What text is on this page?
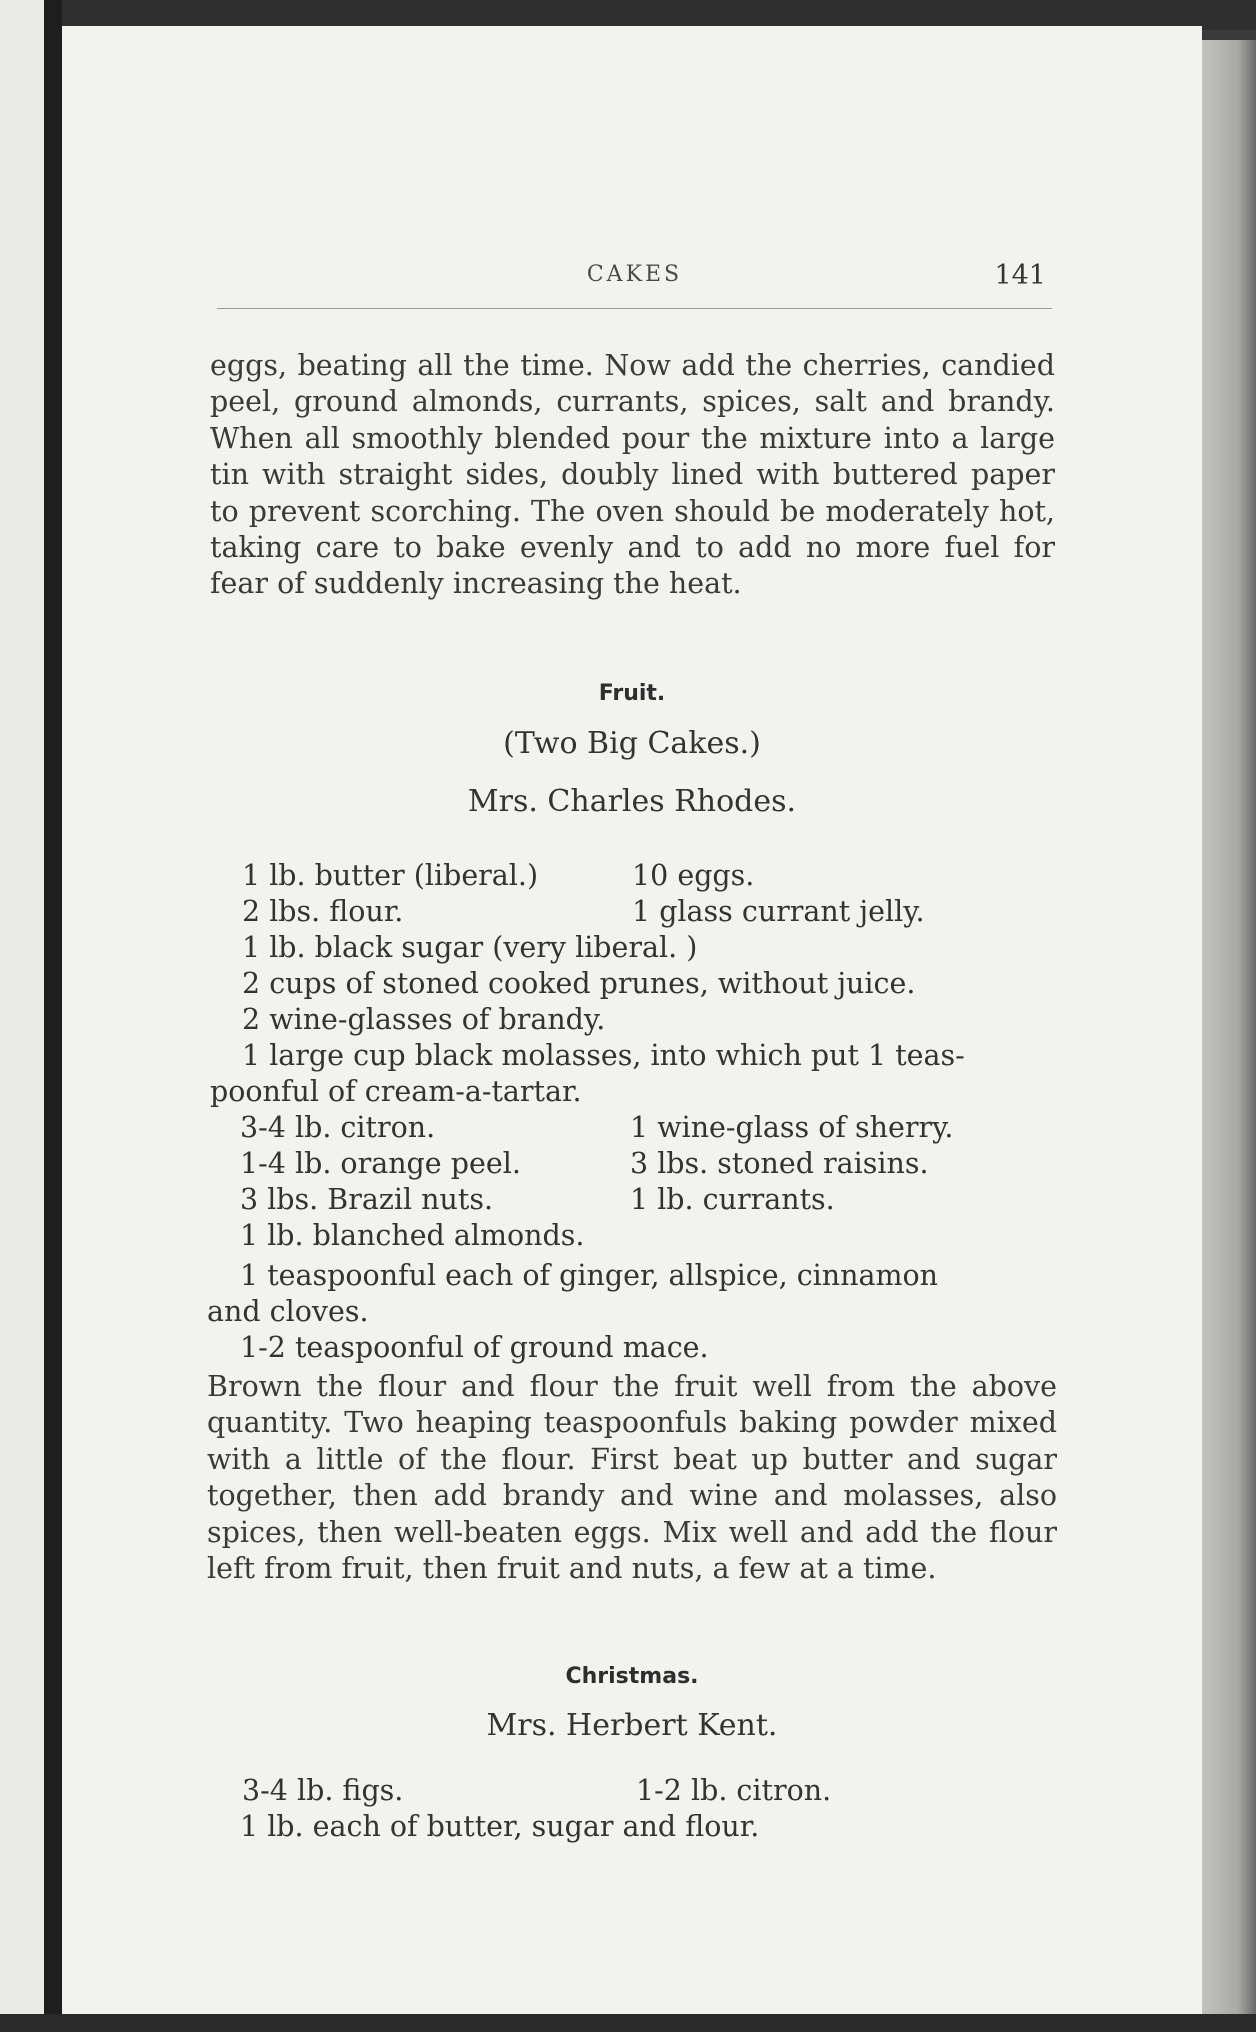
CAKES	141
eggs, beating all the time. Now add the cherries, candied peel, ground almonds, currants, spices, salt and brandy. When all smoothly blended pour the mixture into a large tin with straight sides, doubly lined with buttered paper to prevent scorching. The oven should be moderately hot, taking care to bake evenly and to add no more fuel for fear of suddenly increasing the heat.
Fruit.
(Two Big Cakes.)
Mrs. Charles Rhodes.
1 lb. butter (liberal.)	10 eggs.
2 lbs. flour.	1 glass currant jelly.
1 lb. black sugar (very liberal. )
2 cups of stoned cooked prunes, without juice.
2 wine-glasses of brandy.
1 large cup black molasses, into which put 1 teas-
poonful of cream-a-tartar.
3-4 lb. citron.	1 wine-glass of sherry.
1-4 lb. orange peel.	3 lbs. stoned raisins.
3 lbs. Brazil nuts.	1 lb. currants.
1 lb. blanched almonds.
1 teaspoonful each of ginger, allspice, cinnamon
and cloves.
1-2 teaspoonful of ground mace.
Brown the flour and flour the fruit well from the above quantity. Two heaping teaspoonfuls baking powder mixed with a little of the flour. First beat up butter and sugar together, then add brandy and wine and molasses, also spices, then well-beaten eggs. Mix well and add the flour left from fruit, then fruit and nuts, a few at a time.
Christmas.
Mrs. Herbert Kent.
3-4 lb. figs.	1-2 lb. citron.
1 lb. each of butter, sugar and flour.
